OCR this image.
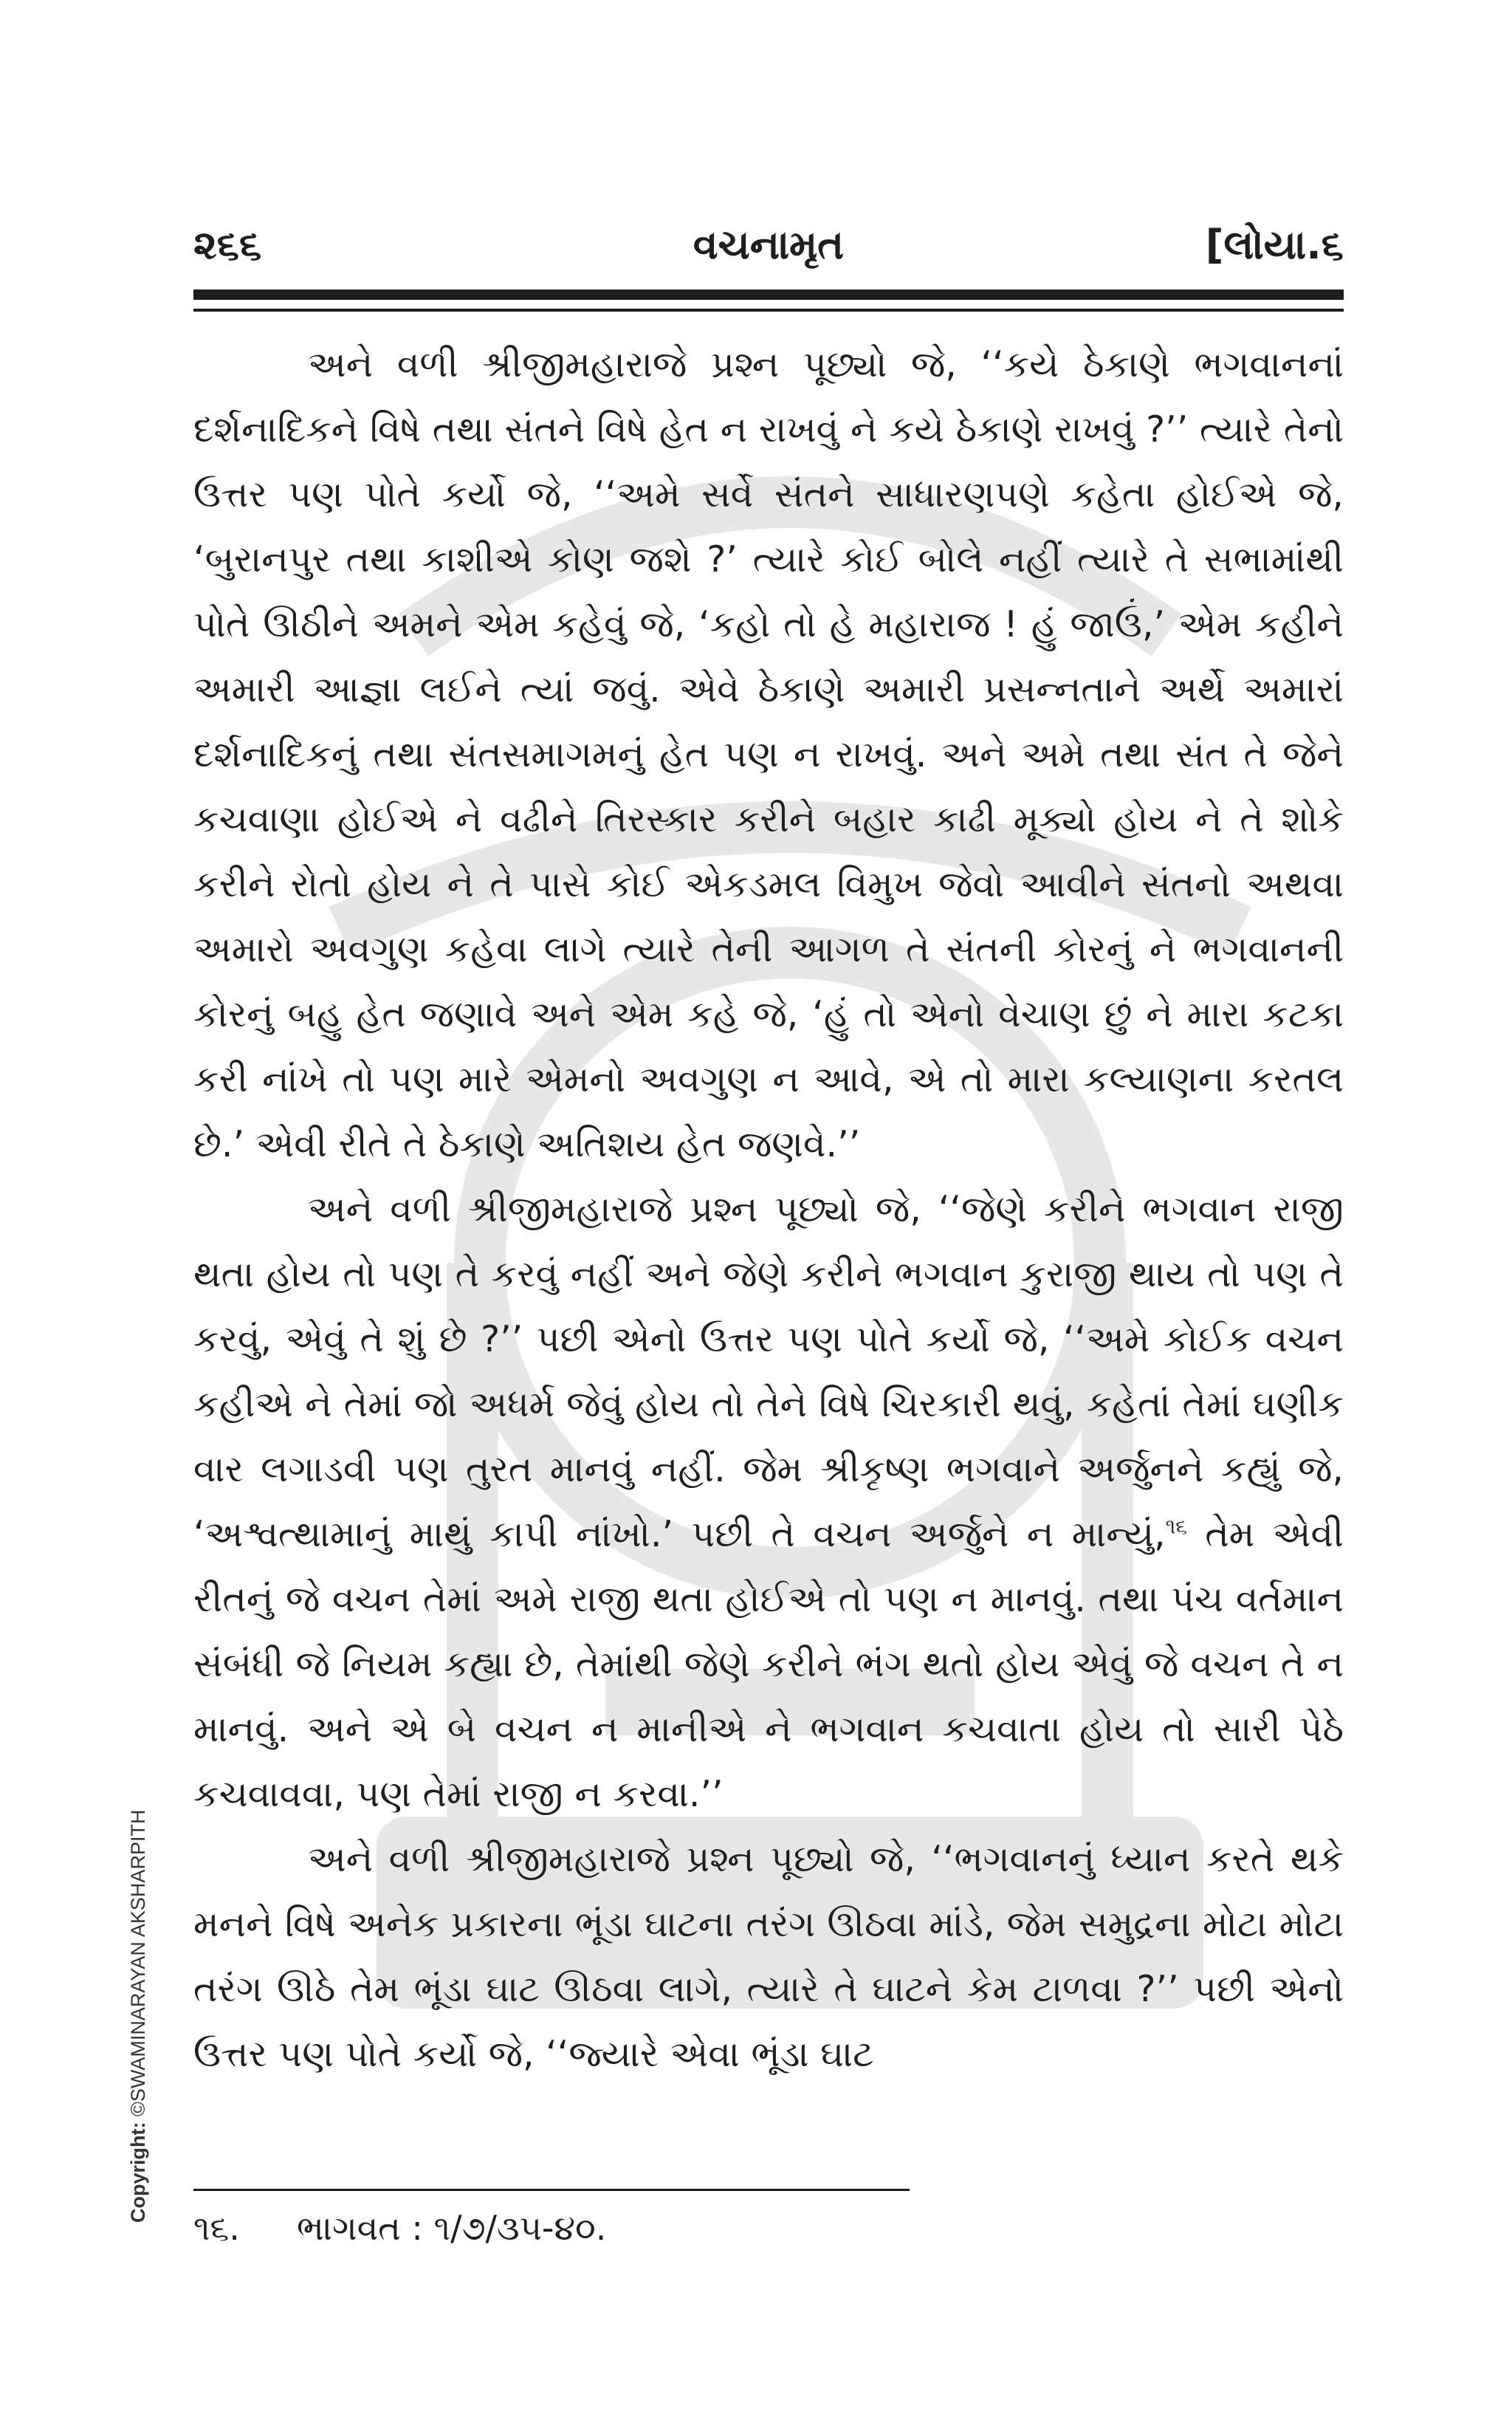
૨૬૬	વચનામૃત	[લોયા.૬

અને વળી શ્રીજીમહારાજે પ્રશ્ન પૂછ્યો જે, ‘‘કયે ઠેકાણે ભગવાનનાં દર્શનાદિકને વિષે તથા સંતને વિષે હેત ન રાખવું ને કયે ઠેકાણે રાખવું ?’’ ત્યારે તેનો ઉત્તર પણ પોતે કર્યો જે, ‘‘અમે સર્વે સંતને સાધારણપણે કહેતા હોઈએ જે, ‘બુરાનપુર તથા કાશીએ કોણ જશે ?’ ત્યારે કોઈ બોલે નહીં ત્યારે તે સભામાંથી પોતે ઊઠીને અમને એમ કહેવું જે, ‘કહો તો હે મહારાજ ! હું જાઉં,’ એમ કહીને અમારી આજ્ઞા લઈને ત્યાં જવું. એવે ઠેકાણે અમારી પ્રસન્નતાને અર્થે અમારાં દર્શનાદિકનું તથા સંતસમાગમનું હેત પણ ન રાખવું. અને અમે તથા સંત તે જેને કચવાણા હોઈએ ને વઢીને તિરસ્કાર કરીને બહાર કાઢી મૂક્યો હોય ને તે શોકે કરીને રોતો હોય ને તે પાસે કોઈ એકડમલ વિમુખ જેવો આવીને સંતનો અથવા અમારો અવગુણ કહેવા લાગે ત્યારે તેની આગળ તે સંતની કોરનું ને ભગવાનની કોરનું બહુ હેત જણાવે અને એમ કહે જે, ‘હું તો એનો વેચાણ છું ને મારા કટકા કરી નાંખે તો પણ મારે એમનો અવગુણ ન આવે, એ તો મારા કલ્યાણના કરતલ છે.’ એવી રીતે તે ઠેકાણે અતિશય હેત જણવે.’’

અને વળી શ્રીજીમહારાજે પ્રશ્ન પૂછ્યો જે, ‘‘જેણે કરીને ભગવાન રાજી થતા હોય તો પણ તે કરવું નહીં અને જેણે કરીને ભગવાન કુરાજી થાય તો પણ તે કરવું, એવું તે શું છે ?’’ પછી એનો ઉત્તર પણ પોતે કર્યો જે, ‘‘અમે કોઈક વચન કહીએ ને તેમાં જો અધર્મ જેવું હોય તો તેને વિષે ચિરકારી થવું, કહેતાં તેમાં ઘણીક વાર લગાડવી પણ તુરત માનવું નહીં. જેમ શ્રીકૃષ્ણ ભગવાને અર્જુનને કહ્યું જે, ‘અશ્વત્થામાનું માથું કાપી નાંખો.’ પછી તે વચન અર્જુને ન માન્યું,$^{૧૬}$ તેમ એવી રીતનું જે વચન તેમાં અમે રાજી થતા હોઈએ તો પણ ન માનવું. તથા પંચ વર્તમાન સંબંધી જે નિયમ કહ્યા છે, તેમાંથી જેણે કરીને ભંગ થતો હોય એવું જે વચન તે ન માનવું. અને એ બે વચન ન માનીએ ને ભગવાન કચવાતા હોય તો સારી પેઠે કચવાવવા, પણ તેમાં રાજી ન કરવા.’’

અને વળી શ્રીજીમહારાજે પ્રશ્ન પૂછ્યો જે, ‘‘ભગવાનનું ધ્યાન કરતે થકે મનને વિષે અનેક પ્રકારના ભૂંડા ઘાટના તરંગ ઊઠવા માંડે, જેમ સમુદ્રના મોટા મોટા તરંગ ઊઠે તેમ ભૂંડા ઘાટ ઊઠવા લાગે, ત્યારે તે ઘાટને કેમ ટાળવા ?’’ પછી એનો ઉત્તર પણ પોતે કર્યો જે, ‘‘જ્યારે એવા ભૂંડા ઘાટ

૧૬. ભાગવત : ૧/૭/૩૫-૪૦.
Copyright: ©SWAMINARAYAN AKSHARPITH
